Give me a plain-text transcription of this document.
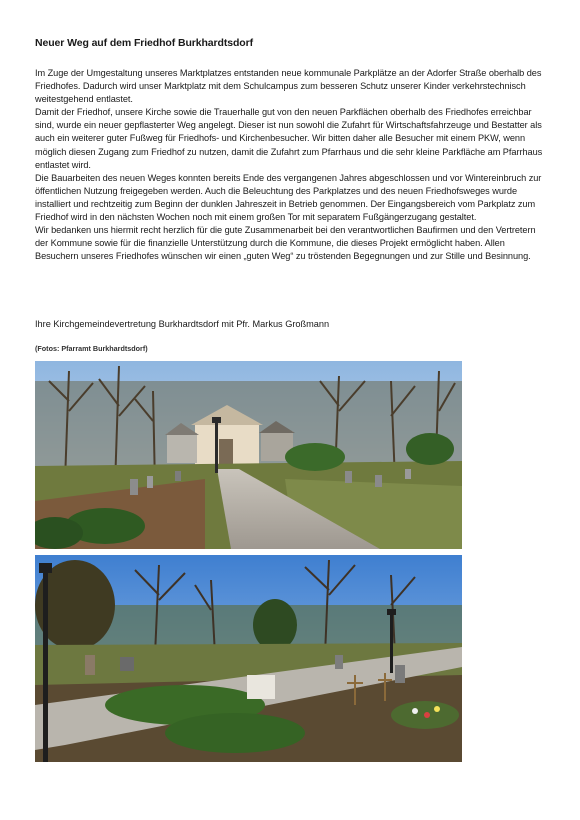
Neuer Weg auf dem Friedhof Burkhardtsdorf

Im Zuge der Umgestaltung unseres Marktplatzes entstanden neue kommunale Parkplätze an der Adorfer Straße oberhalb des Friedhofes. Dadurch wird unser Marktplatz mit dem Schulcampus zum besseren Schutz unserer Kinder verkehrstechnisch weitestgehend entlastet.

Damit der Friedhof, unsere Kirche sowie die Trauerhalle gut von den neuen Parkflächen oberhalb des Friedhofes erreichbar sind, wurde ein neuer gepflasterter Weg angelegt. Dieser ist nun sowohl die Zufahrt für Wirtschaftsfahrzeuge und Bestatter als auch ein weiterer guter Fußweg für Friedhofs- und Kirchenbesucher. Wir bitten daher alle Besucher mit einem PKW, wenn möglich diesen Zugang zum Friedhof zu nutzen, damit die Zufahrt zum Pfarrhaus und die sehr kleine Parkfläche am Pfarrhaus entlastet wird.

Die Bauarbeiten des neuen Weges konnten bereits Ende des vergangenen Jahres abgeschlossen und vor Wintereinbruch zur öffentlichen Nutzung freigegeben werden. Auch die Beleuchtung des Parkplatzes und des neuen Friedhofsweges wurde installiert und rechtzeitig zum Beginn der dunklen Jahreszeit in Betrieb genommen. Der Eingangsbereich vom Parkplatz zum Friedhof wird in den nächsten Wochen noch mit einem großen Tor mit separatem Fußgängerzugang gestaltet.

Wir bedanken uns hiermit recht herzlich für die gute Zusammenarbeit bei den verantwortlichen Baufirmen und den Vertretern der Kommune sowie für die finanzielle Unterstützung durch die Kommune, die dieses Projekt ermöglicht haben. Allen Besuchern unseres Friedhofes wünschen wir einen „guten Weg“ zu tröstenden Begegnungen und zur Stille und Besinnung.

Ihre Kirchgemeindevertretung Burkhardtsdorf mit Pfr. Markus Großmann
(Fotos: Pfarramt Burkhardtsdorf)
